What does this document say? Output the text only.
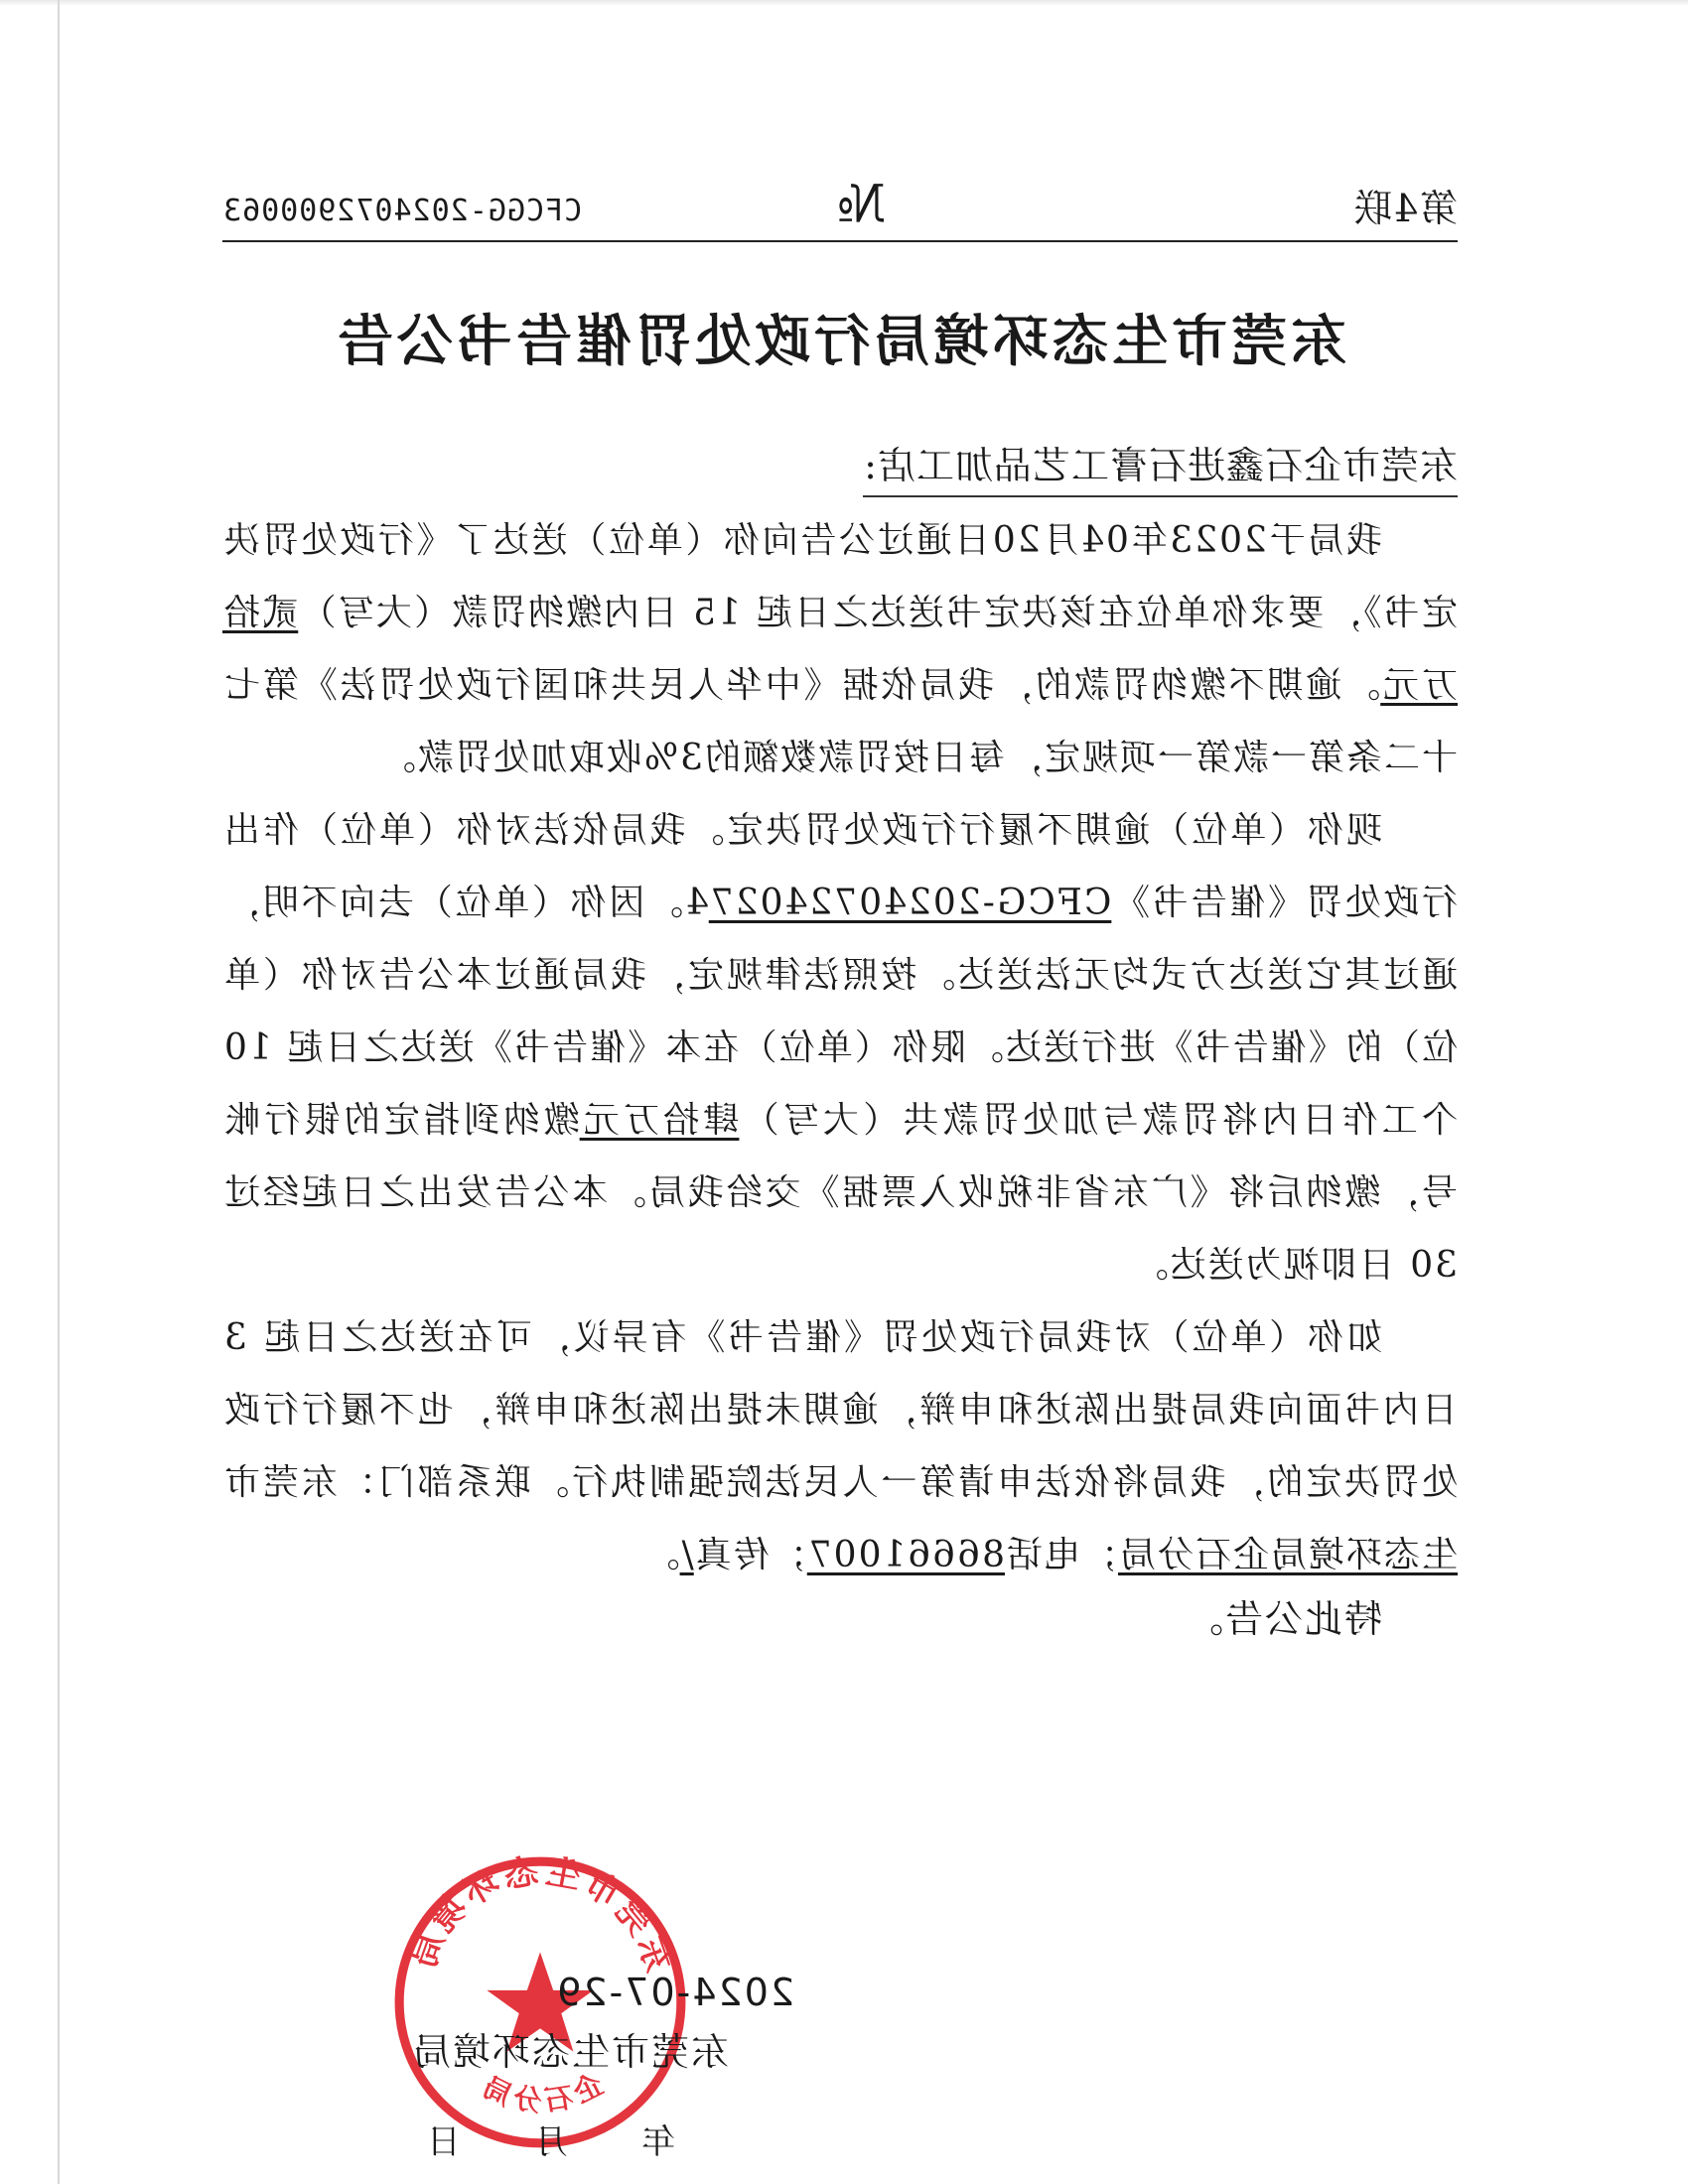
第4联
№
CFCGG-2024072900063
东莞市生态环境局行政处罚催告书公告
东莞市企石鑫进石膏工艺品加工店:

我局于2023年04月20日通过公告向你（单位）送达了《行政处罚决定书》，要求你单位在该决定书送达之日起 15 日内缴纳罚款（大写）贰拾万元。逾期不缴纳罚款的，我局依据《中华人民共和国行政处罚法》第七十二条第一款第一项规定，每日按罚款数额的3%收取加处罚款。

现你（单位）逾期不履行行政处罚决定。我局依法对你（单位）作出行政处罚《催告书》CFCG-202407240274。因你（单位）去向不明，通过其它送达方式均无法送达。按照法律规定，我局通过本公告对你（单位）的《催告书》进行送达。限你（单位）在本《催告书》送达之日起 10 个工作日内将罚款与加处罚款共（大写）肆拾万元缴纳到指定的银行帐号，缴纳后将《广东省非税收入票据》交给我局。本公告发出之日起经过 30 日即视为送达。

如你（单位）对我局行政处罚《催告书》有异议，可在送达之日起 3 日内书面向我局提出陈述和申辩，逾期未提出陈述和申辩，也不履行行政处罚决定的，我局将依法申请第一人民法院强制执行。联系部门：东莞市生态环境局企石分局；电话86661007；传真/。

特此公告。
东莞市生态环境局
企石分局
2024-07-29
东莞市生态环境局
年　　月　　日
